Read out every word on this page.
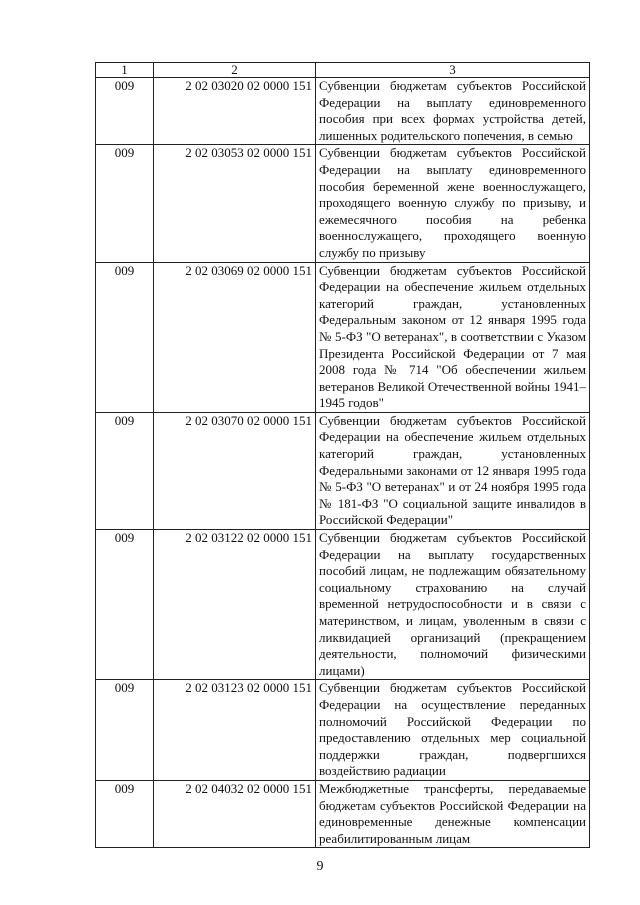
1	2	3
009	2 02 03020 02 0000 151	Субвенции бюджетам субъектов Российской Федерации на выплату единовременного пособия при всех формах устройства детей, лишенных родительского попечения, в семью
009	2 02 03053 02 0000 151	Субвенции бюджетам субъектов Российской Федерации на выплату единовременного пособия беременной жене военнослужащего, проходящего военную службу по призыву, и ежемесячного пособия на ребенка военнослужащего, проходящего военную службу по призыву
009	2 02 03069 02 0000 151	Субвенции бюджетам субъектов Российской Федерации на обеспечение жильем отдельных категорий граждан, установленных Федеральным законом от 12 января 1995 года № 5-ФЗ "О ветеранах", в соответствии с Указом Президента Российской Федерации от 7 мая 2008 года № 714 "Об обеспечении жильем ветеранов Великой Отечественной войны 1941–1945 годов"
009	2 02 03070 02 0000 151	Субвенции бюджетам субъектов Российской Федерации на обеспечение жильем отдельных категорий граждан, установленных Федеральными законами от 12 января 1995 года № 5-ФЗ "О ветеранах" и от 24 ноября 1995 года № 181-ФЗ "О социальной защите инвалидов в Российской Федерации"
009	2 02 03122 02 0000 151	Субвенции бюджетам субъектов Российской Федерации на выплату государственных пособий лицам, не подлежащим обязательному социальному страхованию на случай временной нетрудоспособности и в связи с материнством, и лицам, уволенным в связи с ликвидацией организаций (прекращением деятельности, полномочий физическими лицами)
009	2 02 03123 02 0000 151	Субвенции бюджетам субъектов Российской Федерации на осуществление переданных полномочий Российской Федерации по предоставлению отдельных мер социальной поддержки граждан, подвергшихся воздействию радиации
009	2 02 04032 02 0000 151	Межбюджетные трансферты, передаваемые бюджетам субъектов Российской Федерации на единовременные денежные компенсации реабилитированным лицам
9
